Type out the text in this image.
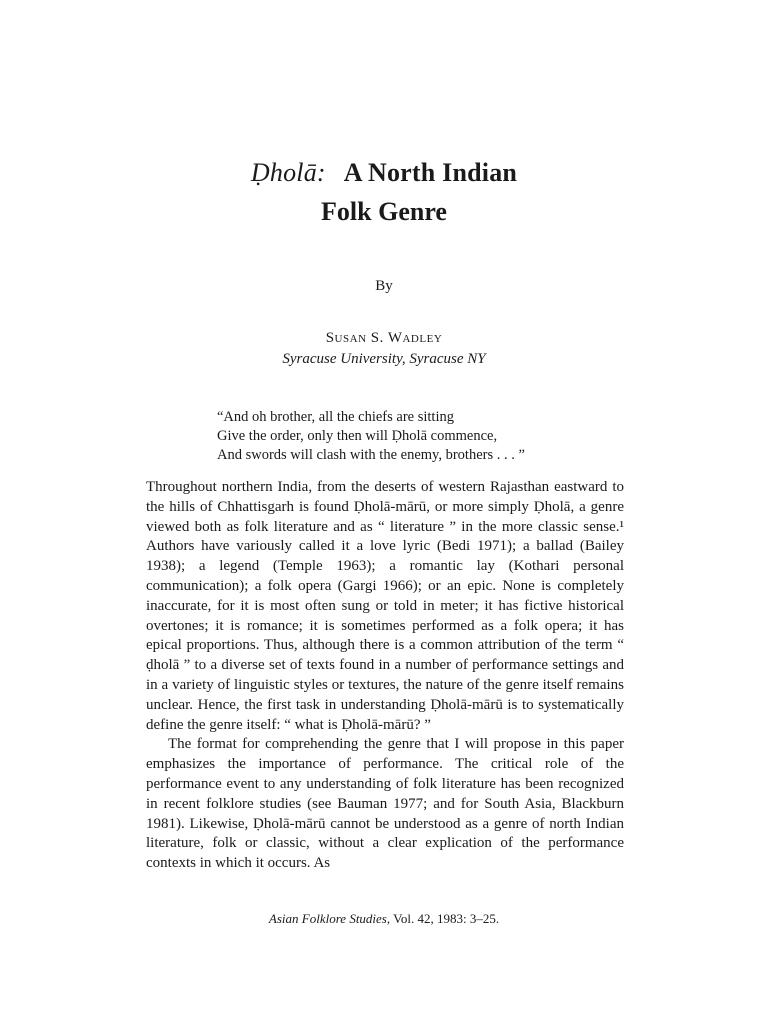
Ḍholā: A North Indian
Folk Genre
By
Susan S. Wadley
Syracuse University, Syracuse NY
“And oh brother, all the chiefs are sitting
Give the order, only then will Ḍholā commence,
And swords will clash with the enemy, brothers . . . ”

Throughout northern India, from the deserts of western Rajasthan eastward to the hills of Chhattisgarh is found Ḍholā-mārū, or more simply Ḍholā, a genre viewed both as folk literature and as “ literature ” in the more classic sense.¹ Authors have variously called it a love lyric (Bedi 1971); a ballad (Bailey 1938); a legend (Temple 1963); a romantic lay (Kothari personal communication); a folk opera (Gargi 1966); or an epic. None is completely inaccurate, for it is most often sung or told in meter; it has fictive historical overtones; it is romance; it is sometimes performed as a folk opera; it has epical proportions. Thus, although there is a common attribution of the term “ ḍholā ” to a diverse set of texts found in a number of performance settings and in a variety of linguistic styles or textures, the nature of the genre itself remains unclear. Hence, the first task in understanding Ḍholā-mārū is to systematically define the genre itself: “ what is Ḍholā-mārū? ”

The format for comprehending the genre that I will propose in this paper emphasizes the importance of performance. The critical role of the performance event to any understanding of folk literature has been recognized in recent folklore studies (see Bauman 1977; and for South Asia, Blackburn 1981). Likewise, Ḍholā-mārū cannot be understood as a genre of north Indian literature, folk or classic, without a clear explication of the performance contexts in which it occurs. As

Asian Folklore Studies, Vol. 42, 1983: 3–25.
